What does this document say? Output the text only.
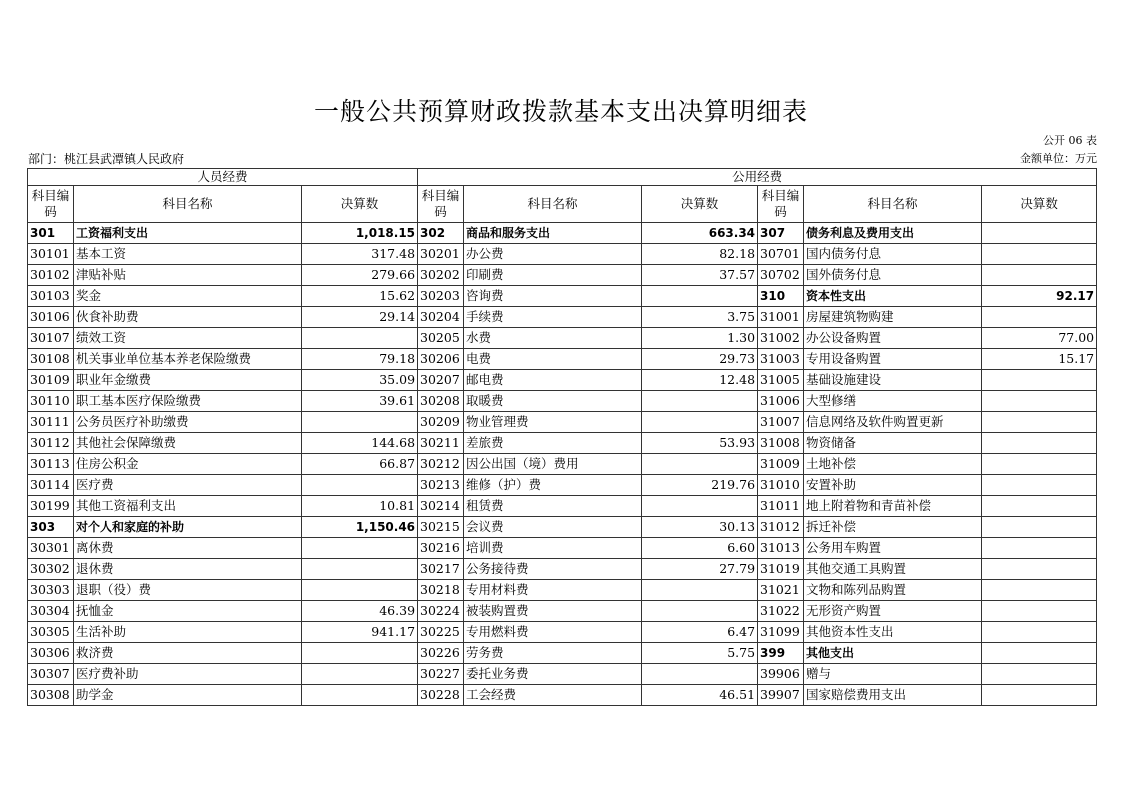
一般公共预算财政拨款基本支出决算明细表
公开 06 表
部门：桃江县武潭镇人民政府	金额单位：万元
人员经费			公用经费					
科目编码	科目名称	决算数	科目编码	科目名称	决算数	科目编码	科目名称	决算数
301	工资福利支出	1,018.15	302	商品和服务支出	663.34	307	债务利息及费用支出	
30101	基本工资	317.48	30201	办公费	82.18	30701	国内债务付息	
30102	津贴补贴	279.66	30202	印刷费	37.57	30702	国外债务付息	
30103	奖金	15.62	30203	咨询费		310	资本性支出	92.17
30106	伙食补助费	29.14	30204	手续费	3.75	31001	房屋建筑物购建	
30107	绩效工资		30205	水费	1.30	31002	办公设备购置	77.00
30108	机关事业单位基本养老保险缴费	79.18	30206	电费	29.73	31003	专用设备购置	15.17
30109	职业年金缴费	35.09	30207	邮电费	12.48	31005	基础设施建设	
30110	职工基本医疗保险缴费	39.61	30208	取暖费		31006	大型修缮	
30111	公务员医疗补助缴费		30209	物业管理费		31007	信息网络及软件购置更新	
30112	其他社会保障缴费	144.68	30211	差旅费	53.93	31008	物资储备	
30113	住房公积金	66.87	30212	因公出国（境）费用		31009	土地补偿	
30114	医疗费		30213	维修（护）费	219.76	31010	安置补助	
30199	其他工资福利支出	10.81	30214	租赁费		31011	地上附着物和青苗补偿	
303	对个人和家庭的补助	1,150.46	30215	会议费	30.13	31012	拆迁补偿	
30301	离休费		30216	培训费	6.60	31013	公务用车购置	
30302	退休费		30217	公务接待费	27.79	31019	其他交通工具购置	
30303	退职（役）费		30218	专用材料费		31021	文物和陈列品购置	
30304	抚恤金	46.39	30224	被装购置费		31022	无形资产购置	
30305	生活补助	941.17	30225	专用燃料费	6.47	31099	其他资本性支出	
30306	救济费		30226	劳务费	5.75	399	其他支出	
30307	医疗费补助		30227	委托业务费		39906	赠与	
30308	助学金		30228	工会经费	46.51	39907	国家赔偿费用支出	
